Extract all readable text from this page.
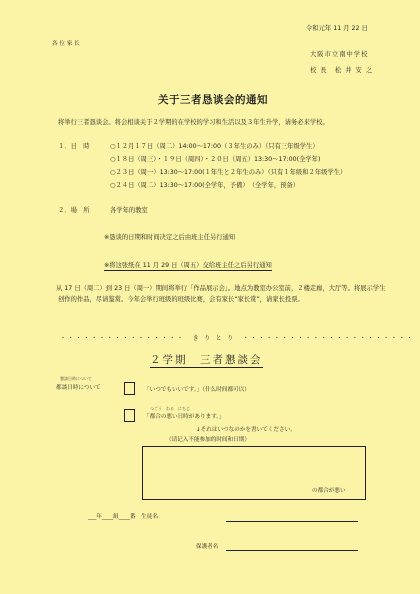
令和元年 11 月 22 日
各 位 家 长
大阪市立南中学校
校 長　松 井 安 之
关于三者恳谈会的通知
将举行三者恳谈会。将会相谈关于２学期的在学校的学习和生活以及３年生升学，请务必来学校。
１．日　時	○１２月１７日（周二）14:00～17:00（３年生のみ）（只有三年级学生）
○１８日（周三）・１９日（周四）・２０日（周五）13:30～17:00(全学年)
○２３日（周一）13:30～17:00(１年生と２年生のみ）（只有１年级和２年级学生）
○２４日（周二）13:30～17:00(全学年，予備）　（全学年，预备）
２．場　所	各学年的教室
※恳谈的日期和时间决定之后由班主任另行通知
※将这张纸在 11 月 29 日（周五）交给班主任之后另行通知
从 17 日（周二）到 23 日（周一）期间将举行「作品展示会」。地点为教室办公室前，２楼走廊，大厅等。将展示学生创作的作品，尽请鉴赏。今年会举行班级的班级比赛，会有家长“家长赏”，请家长投票。
・・・・・・・・・・・・・・・・　き り と り　・・・・・・・・・・・・・・・・・・・・・・
２学期　三者懇談会
懇談日時について
都談日時について	「いつでもいいです。」（什么时间都可以）
つごう　わる　にちじ
「都合の悪い日時があります。」
↓それはいつなのかを書いてください。
（请记入不能参加的时间和日期）
の都合が悪い
___年____組____番　生徒名
保護者名
